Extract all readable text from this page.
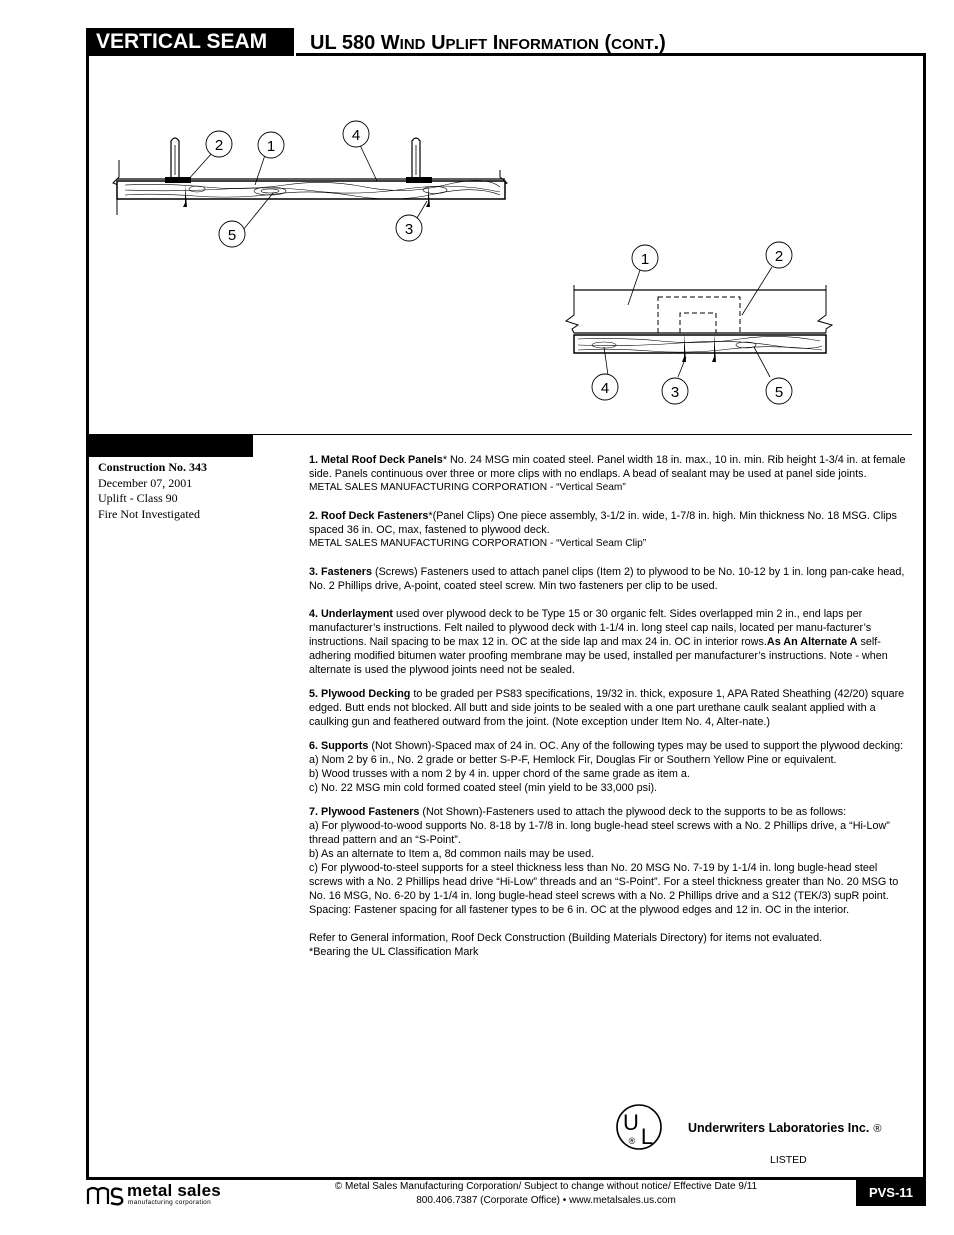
VERTICAL SEAM	UL 580 WIND UPLIFT INFORMATION (CONT.)
2	1
4
5	3
1	2
4	3	5
Construction No. 343
December 07, 2001
Uplift - Class 90
Fire Not Investigated

1. Metal Roof Deck Panels* No. 24 MSG min coated steel. Panel width 18 in. max., 10 in. min. Rib height 1-3/4 in. at female side. Panels continuous over three or more clips with no endlaps. A bead of sealant may be used at panel side joints.

METAL SALES MANUFACTURING CORPORATION - “Vertical Seam”

2. Roof Deck Fasteners*(Panel Clips) One piece assembly, 3-1/2 in. wide, 1-7/8 in. high. Min thickness No. 18 MSG. Clips spaced 36 in. OC, max, fastened to plywood deck.

METAL SALES MANUFACTURING CORPORATION - “Vertical Seam Clip”

3. Fasteners (Screws) Fasteners used to attach panel clips (Item 2) to plywood to be No. 10-12 by 1 in. long pan-cake head, No. 2 Phillips drive, A-point, coated steel screw. Min two fasteners per clip to be used.

4. Underlayment used over plywood deck to be Type 15 or 30 organic felt. Sides overlapped min 2 in., end laps per manufacturer’s instructions. Felt nailed to plywood deck with 1-1/4 in. long steel cap nails, located per manu-facturer’s instructions. Nail spacing to be max 12 in. OC at the side lap and max 24 in. OC in interior rows.As An Alternate A self-adhering modified bitumen water proofing membrane may be used, installed per manufacturer’s instructions. Note - when alternate is used the plywood joints need not be sealed.

5. Plywood Decking to be graded per PS83 specifications, 19/32 in. thick, exposure 1, APA Rated Sheathing (42/20) square edged. Butt ends not blocked. All butt and side joints to be sealed with a one part urethane caulk sealant applied with a caulking gun and feathered outward from the joint. (Note exception under Item No. 4, Alter-nate.)

6. Supports (Not Shown)-Spaced max of 24 in. OC. Any of the following types may be used to support the plywood decking:

a) Nom 2 by 6 in., No. 2 grade or better S-P-F, Hemlock Fir, Douglas Fir or Southern Yellow Pine or equivalent.

b) Wood trusses with a nom 2 by 4 in. upper chord of the same grade as item a.

c) No. 22 MSG min cold formed coated steel (min yield to be 33,000 psi).

7. Plywood Fasteners (Not Shown)-Fasteners used to attach the plywood deck to the supports to be as follows:

a) For plywood-to-wood supports No. 8-18 by 1-7/8 in. long bugle-head steel screws with a No. 2 Phillips drive, a “Hi-Low” thread pattern and an “S-Point”.

b) As an alternate to Item a, 8d common nails may be used.

c) For plywood-to-steel supports for a steel thickness less than No. 20 MSG No. 7-19 by 1-1/4 in. long bugle-head steel screws with a No. 2 Phillips head drive “Hi-Low” threads and an “S-Point”. For a steel thickness greater than No. 20 MSG to No. 16 MSG, No. 6-20 by 1-1/4 in. long bugle-head steel screws with a No. 2 Phillips drive and a S12 (TEK/3) supR point.

Spacing: Fastener spacing for all fastener types to be 6 in. OC at the plywood edges and 12 in. OC in the interior.

Refer to General information, Roof Deck Construction (Building Materials Directory) for items not evaluated.

*Bearing the UL Classification Mark

U
L
®
Underwriters Laboratories Inc. ®
LISTED
metal sales
manufacturing corporation
© Metal Sales Manufacturing Corporation/ Subject to change without notice/ Effective Date 9/11
800.406.7387 (Corporate Office) • www.metalsales.us.com
PVS-11
